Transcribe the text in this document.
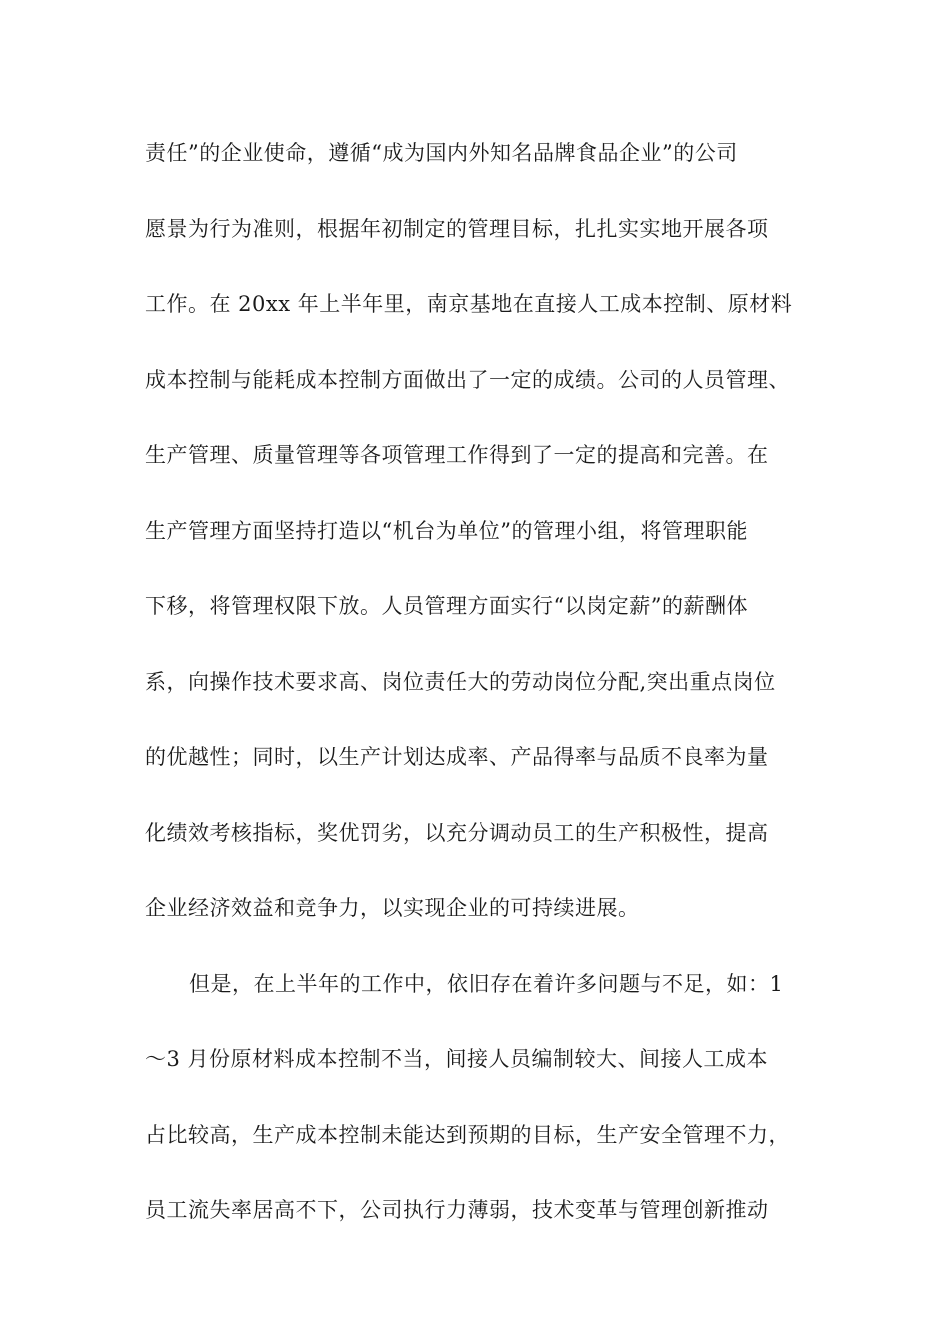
责任”的企业使命，遵循“成为国内外知名品牌食品企业”的公司
愿景为行为准则，根据年初制定的管理目标，扎扎实实地开展各项
工作。在 20xx 年上半年里，南京基地在直接人工成本控制、原材料
成本控制与能耗成本控制方面做出了一定的成绩。公司的人员管理、
生产管理、质量管理等各项管理工作得到了一定的提高和完善。在
生产管理方面坚持打造以“机台为单位”的管理小组，将管理职能
下移，将管理权限下放。人员管理方面实行“以岗定薪”的薪酬体
系，向操作技术要求高、岗位责任大的劳动岗位分配,突出重点岗位
的优越性；同时，以生产计划达成率、产品得率与品质不良率为量
化绩效考核指标，奖优罚劣，以充分调动员工的生产积极性，提高
企业经济效益和竞争力，以实现企业的可持续进展。
但是，在上半年的工作中，依旧存在着许多问题与不足，如：1
～3 月份原材料成本控制不当，间接人员编制较大、间接人工成本
占比较高，生产成本控制未能达到预期的目标，生产安全管理不力，
员工流失率居高不下，公司执行力薄弱，技术变革与管理创新推动
